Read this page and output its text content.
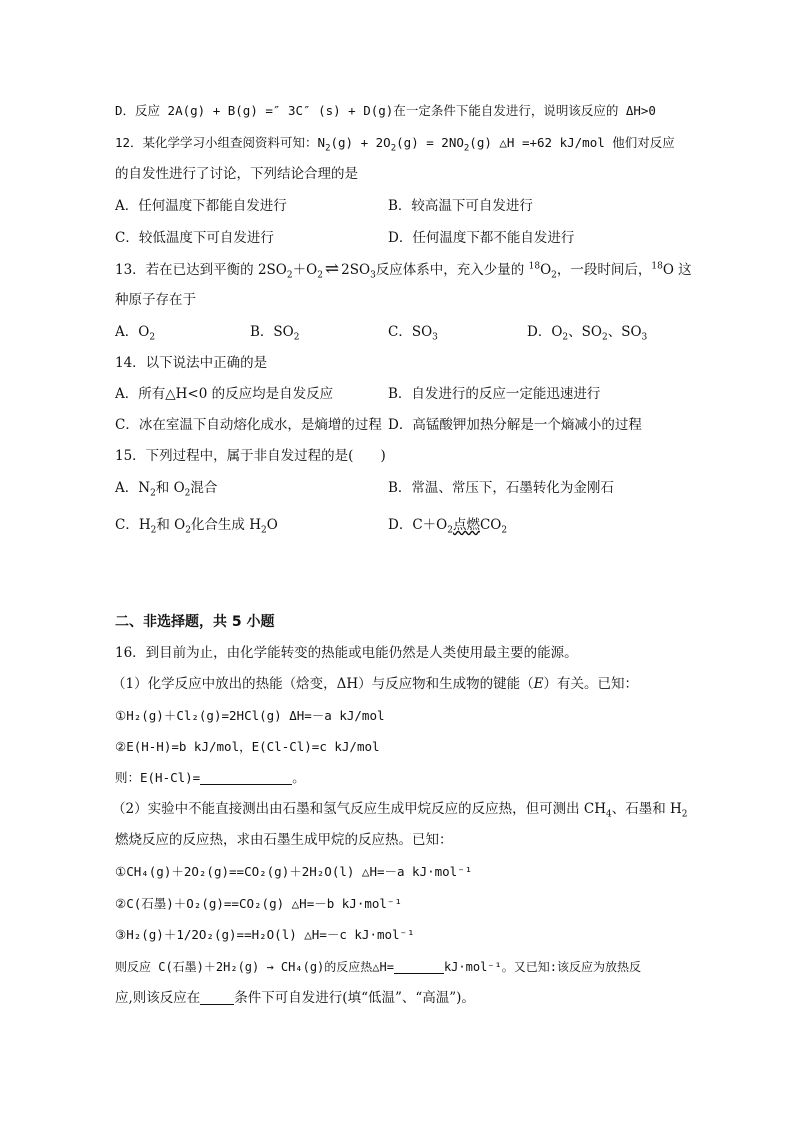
D．反应 2A(g) + B(g) =″ 3C″ (s) + D(g)在一定条件下能自发进行，说明该反应的 ΔH>0
12．某化学学习小组查阅资料可知：$N_2(g) + 2O_2(g) = 2NO_2(g)$ △H =+62 kJ/mol 他们对反应
的自发性进行了讨论，下列结论合理的是
A．任何温度下都能自发进行	B．较高温下可自发进行
C．较低温度下可自发进行	D．任何温度下都不能自发进行
13．若在已达到平衡的 $2SO_2+O_2$ ⇌ $2SO_3$反应体系中，充入少量的 $^{18}O_2$，一段时间后，$^{18}$O 这
种原子存在于
A．$O_2$	B．$SO_2$	C．$SO_3$	D．$O_2$、$SO_2$、$SO_3$
14．以下说法中正确的是
A．所有△H<0 的反应均是自发反应	B．自发进行的反应一定能迅速进行
C．冰在室温下自动熔化成水，是熵增的过程 D．高锰酸钾加热分解是一个熵减小的过程
15．下列过程中，属于非自发过程的是(　　)
A．$N_2$和 $O_2$混合	B．常温、常压下，石墨转化为金刚石
C．$H_2$和 $O_2$化合生成 $H_2O$	D．$C+O_2$点燃$CO_2$
二、非选择题，共 5 小题
16．到目前为止，由化学能转变的热能或电能仍然是人类使用最主要的能源。
（1）化学反应中放出的热能（焓变，ΔH）与反应物和生成物的键能（E）有关。已知：
①H₂(g)＋Cl₂(g)=2HCl(g) ΔH=－a kJ/mol
②E(H-H)=b kJ/mol，E(Cl-Cl)=c kJ/mol
则：E(H-Cl)=	。
（2）实验中不能直接测出由石墨和氢气反应生成甲烷反应的反应热，但可测出 $CH_4$、石墨和 $H_2$
燃烧反应的反应热，求由石墨生成甲烷的反应热。已知：
①CH₄(g)＋2O₂(g)==CO₂(g)＋2H₂O(l) △H=－a kJ·mol⁻¹
②C(石墨)＋O₂(g)==CO₂(g) △H=－b kJ·mol⁻¹
③H₂(g)＋1/2O₂(g)==H₂O(l) △H=－c kJ·mol⁻¹
则反应 C(石墨)＋2H₂(g) → CH₄(g)的反应热△H=	kJ·mol⁻¹。又已知:该反应为放热反
应,则该反应在	条件下可自发进行(填“低温”、“高温”)。
